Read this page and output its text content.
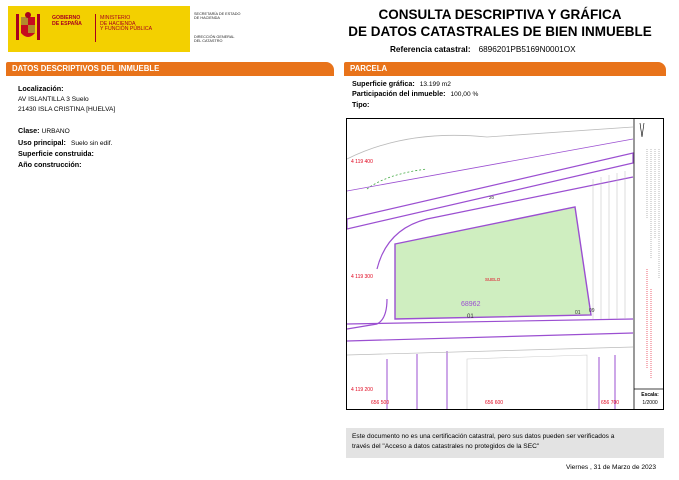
GOBIERNO
DE ESPAÑA
MINISTERIO
DE HACIENDA
Y FUNCIÓN PÚBLICA
SECRETARÍA DE ESTADO
DE HACIENDA
DIRECCIÓN GENERAL
DEL CATASTRO
CONSULTA DESCRIPTIVA Y GRÁFICA
DE DATOS CATASTRALES DE BIEN INMUEBLE
Referencia catastral: 6896201PB5169N0001OX
DATOS DESCRIPTIVOS DEL INMUEBLE
Localización:
AV ISLANTILLA 3 Suelo
21430 ISLA CRISTINA [HUELVA]
Clase: URBANO
Uso principal: Suelo sin edif.
Superficie construida:
Año construcción:
PARCELA
Superficie gráfica: 13.199 m2
Participación del inmueble: 100,00 %
Tipo:
4 119 400
4 119 300
4 119 200
656 500	656 600	656 700
SUELO
68962
01
20
01 09
Escala:
1/2000
Este documento no es una certificación catastral, pero sus datos pueden ser verificados a
través del "Acceso a datos catastrales no protegidos de la SEC"
Viernes , 31 de Marzo de 2023
